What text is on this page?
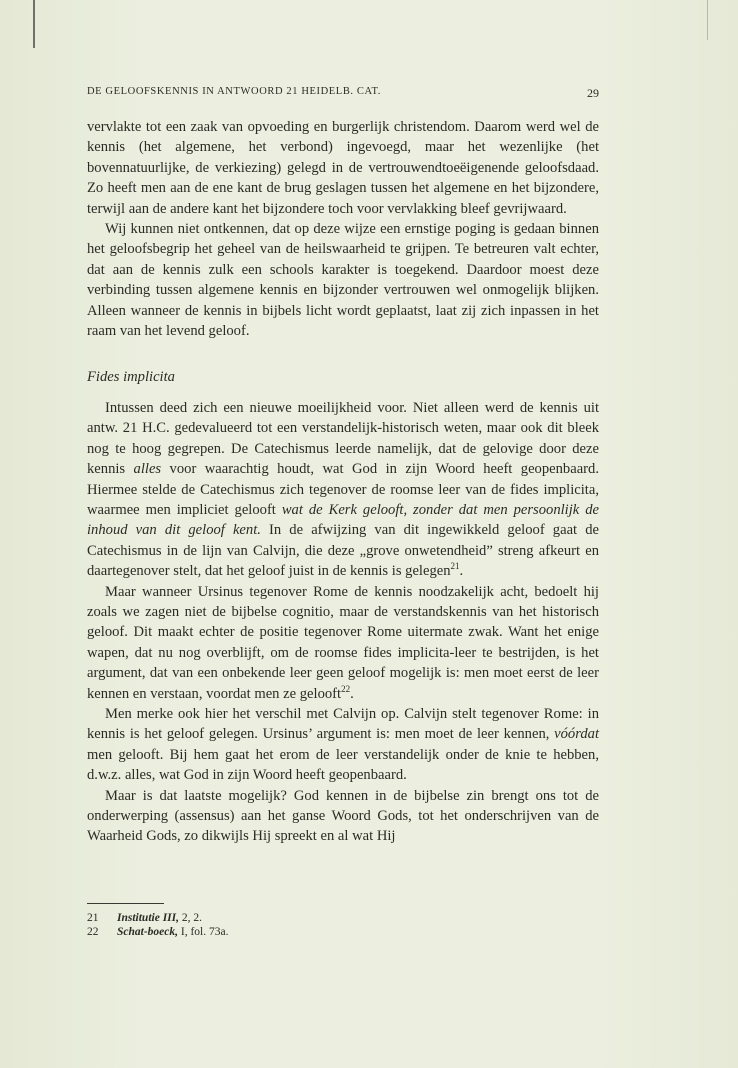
DE GELOOFSKENNIS IN ANTWOORD 21 HEIDELB. CAT.	29

vervlakte tot een zaak van opvoeding en burgerlijk christendom. Daarom werd wel de kennis (het algemene, het verbond) ingevoegd, maar het wezenlijke (het bovennatuurlijke, de verkiezing) gelegd in de vertrouwendtoeëigenende geloofsdaad. Zo heeft men aan de ene kant de brug geslagen tussen het algemene en het bijzondere, terwijl aan de andere kant het bijzondere toch voor vervlakking bleef gevrijwaard.

Wij kunnen niet ontkennen, dat op deze wijze een ernstige poging is gedaan binnen het geloofsbegrip het geheel van de heilswaarheid te grijpen. Te betreuren valt echter, dat aan de kennis zulk een schools karakter is toegekend. Daardoor moest deze verbinding tussen algemene kennis en bijzonder vertrouwen wel onmogelijk blijken. Alleen wanneer de kennis in bijbels licht wordt geplaatst, laat zij zich inpassen in het raam van het levend geloof.

Fides implicita

Intussen deed zich een nieuwe moeilijkheid voor. Niet alleen werd de kennis uit antw. 21 H.C. gedevalueerd tot een verstandelijk-historisch weten, maar ook dit bleek nog te hoog gegrepen. De Catechismus leerde namelijk, dat de gelovige door deze kennis alles voor waarachtig houdt, wat God in zijn Woord heeft geopenbaard. Hiermee stelde de Catechismus zich tegenover de roomse leer van de fides implicita, waarmee men impliciet gelooft wat de Kerk gelooft, zonder dat men persoonlijk de inhoud van dit geloof kent. In de afwijzing van dit ingewikkeld geloof gaat de Catechismus in de lijn van Calvijn, die deze „grove onwetendheid” streng afkeurt en daartegenover stelt, dat het geloof juist in de kennis is gelegen$^{21}$.

Maar wanneer Ursinus tegenover Rome de kennis noodzakelijk acht, bedoelt hij zoals we zagen niet de bijbelse cognitio, maar de verstandskennis van het historisch geloof. Dit maakt echter de positie tegenover Rome uitermate zwak. Want het enige wapen, dat nu nog overblijft, om de roomse fides implicita-leer te bestrijden, is het argument, dat van een onbekende leer geen geloof mogelijk is: men moet eerst de leer kennen en verstaan, voordat men ze gelooft$^{22}$.

Men merke ook hier het verschil met Calvijn op. Calvijn stelt tegenover Rome: in kennis is het geloof gelegen. Ursinus’ argument is: men moet de leer kennen, vóórdat men gelooft. Bij hem gaat het erom de leer verstandelijk onder de knie te hebben, d.w.z. alles, wat God in zijn Woord heeft geopenbaard.

Maar is dat laatste mogelijk? God kennen in de bijbelse zin brengt ons tot de onderwerping (assensus) aan het ganse Woord Gods, tot het onderschrijven van de Waarheid Gods, zo dikwijls Hij spreekt en al wat Hij

21	Institutie III, 2, 2.
22	Schat-boeck, I, fol. 73a.
